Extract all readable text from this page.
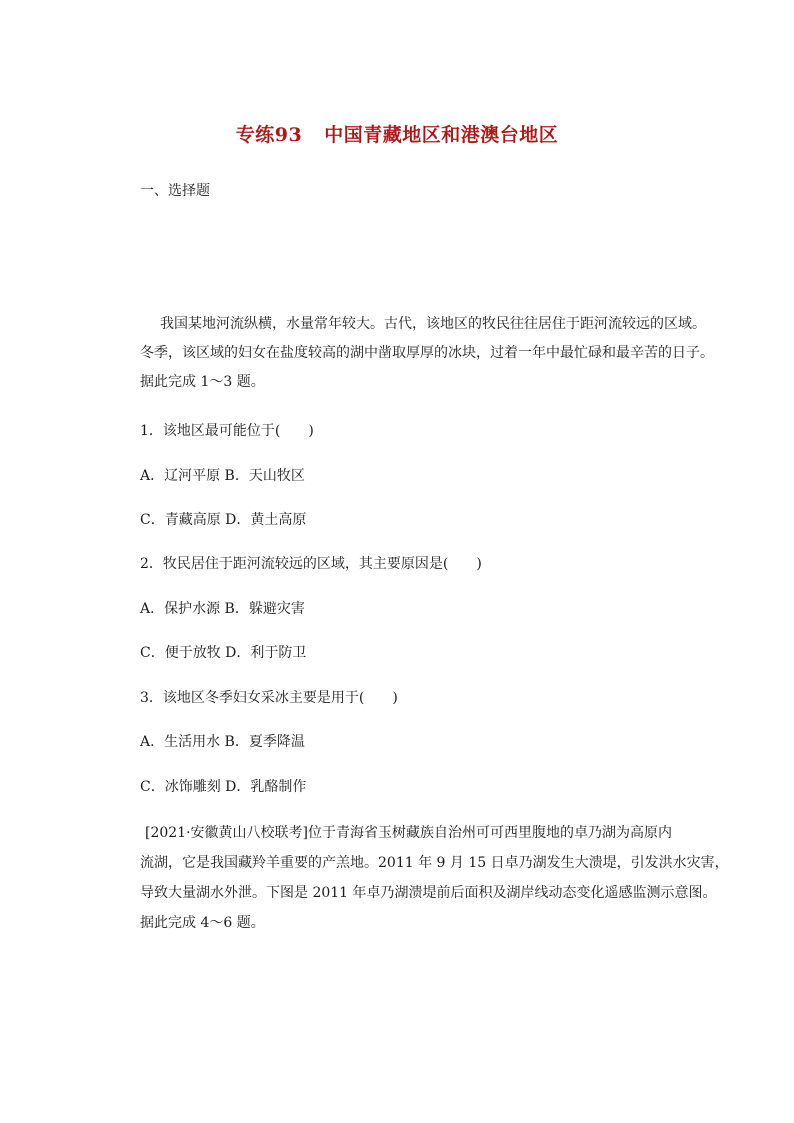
专练93 中国青藏地区和港澳台地区
一、选择题
我国某地河流纵横，水量常年较大。古代，该地区的牧民往往居住于距河流较远的区域。
冬季，该区域的妇女在盐度较高的湖中凿取厚厚的冰块，过着一年中最忙碌和最辛苦的日子。
据此完成 1～3 题。
1．该地区最可能位于(　　)
A．辽河平原 B．天山牧区
C．青藏高原 D．黄土高原
2．牧民居住于距河流较远的区域，其主要原因是(　　)
A．保护水源 B．躲避灾害
C．便于放牧 D．利于防卫
3．该地区冬季妇女采冰主要是用于(　　)
A．生活用水 B．夏季降温
C．冰饰雕刻 D．乳酪制作
[2021·安徽黄山八校联考]位于青海省玉树藏族自治州可可西里腹地的卓乃湖为高原内
流湖，它是我国藏羚羊重要的产羔地。2011 年 9 月 15 日卓乃湖发生大溃堤，引发洪水灾害，
导致大量湖水外泄。下图是 2011 年卓乃湖溃堤前后面积及湖岸线动态变化遥感监测示意图。
据此完成 4～6 题。
